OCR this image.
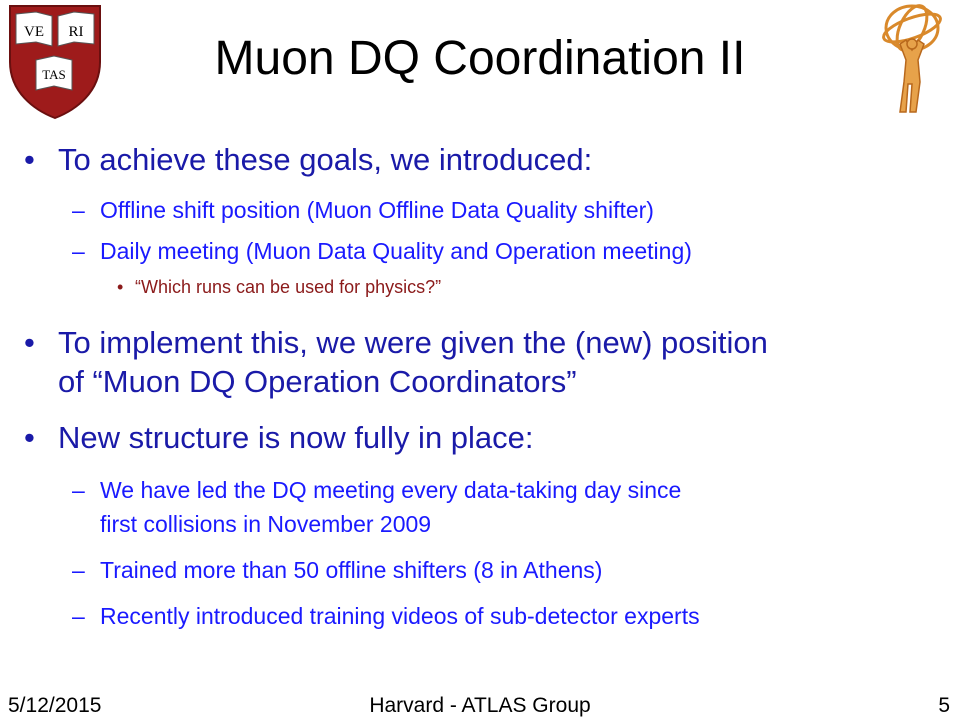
VE RI
TAS	Muon DQ Coordination II
• To achieve these goals, we introduced:
– Offline shift position (Muon Offline Data Quality shifter)
– Daily meeting (Muon Data Quality and Operation meeting)
• “Which runs can be used for physics?”
• To implement this, we were given the (new) position
of “Muon DQ Operation Coordinators”
• New structure is now fully in place:
– We have led the DQ meeting every data-taking day since
first collisions in November 2009
– Trained more than 50 offline shifters (8 in Athens)
– Recently introduced training videos of sub-detector experts
5/12/2015	Harvard - ATLAS Group	5
